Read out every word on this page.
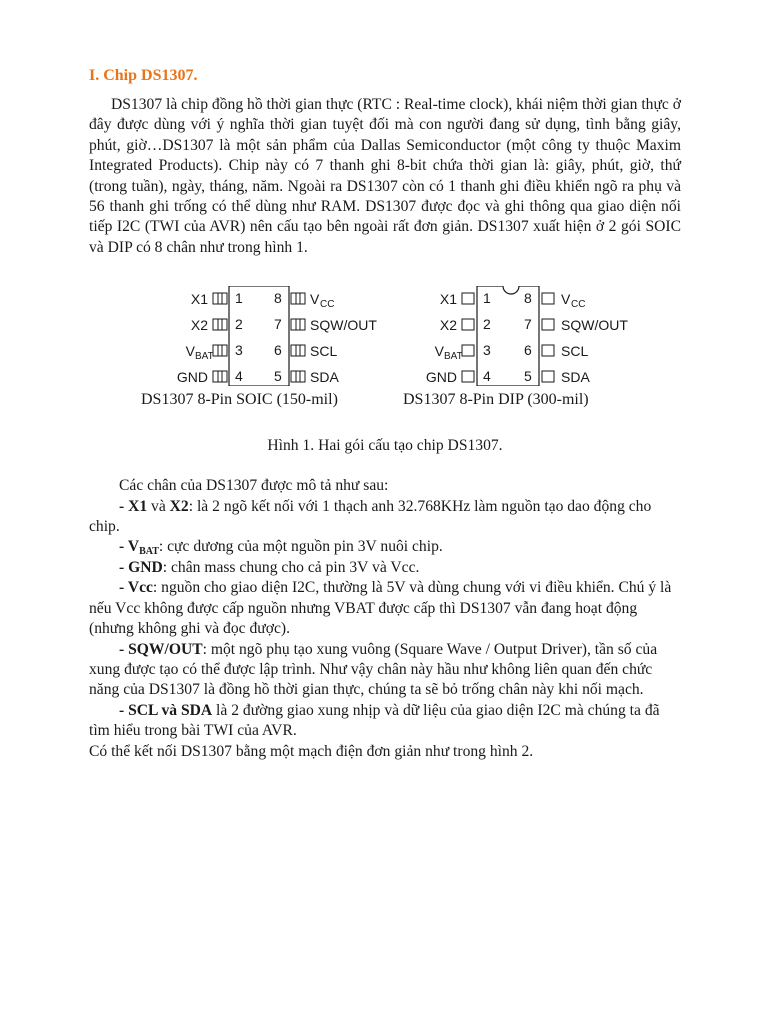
I. Chip DS1307.

DS1307 là chip đồng hồ thời gian thực (RTC : Real-time clock), khái niệm thời gian thực ở đây được dùng với ý nghĩa thời gian tuyệt đối mà con người đang sử dụng, tình bằng giây, phút, giờ…DS1307 là một sản phẩm của Dallas Semiconductor (một công ty thuộc Maxim Integrated Products). Chip này có 7 thanh ghi 8-bit chứa thời gian là: giây, phút, giờ, thứ (trong tuần), ngày, tháng, năm. Ngoài ra DS1307 còn có 1 thanh ghi điều khiển ngõ ra phụ và 56 thanh ghi trống có thể dùng như RAM. DS1307 được đọc và ghi thông qua giao diện nối tiếp I2C (TWI của AVR) nên cấu tạo bên ngoài rất đơn giản. DS1307 xuất hiện ở 2 gói SOIC và DIP có 8 chân như trong hình 1.

X1
X2
V BAT
GND
1
2
3
4
8
7
6
5
V CC
SQW/OUT
SCL
SDA
X1
X2
V BAT
GND
1
2
3
4
8
7
6
5
V CC
SQW/OUT
SCL
SDA
DS1307 8-Pin SOIC (150-mil)	DS1307 8-Pin DIP (300-mil)
Hình 1. Hai gói cấu tạo chip DS1307.

Các chân của DS1307 được mô tả như sau:

- X1 và X2: là 2 ngõ kết nối với 1 thạch anh 32.768KHz làm nguồn tạo dao động cho chip.

- $V_{BAT}$: cực dương của một nguồn pin 3V nuôi chip.

- GND: chân mass chung cho cả pin 3V và Vcc.

- Vcc: nguồn cho giao diện I2C, thường là 5V và dùng chung với vi điều khiển. Chú ý là nếu Vcc không được cấp nguồn nhưng VBAT được cấp thì DS1307 vẫn đang hoạt động (nhưng không ghi và đọc được).

- SQW/OUT: một ngõ phụ tạo xung vuông (Square Wave / Output Driver), tần số của xung được tạo có thể được lập trình. Như vậy chân này hầu như không liên quan đến chức năng của DS1307 là đồng hồ thời gian thực, chúng ta sẽ bỏ trống chân này khi nối mạch.

- SCL và SDA là 2 đường giao xung nhịp và dữ liệu của giao diện I2C mà chúng ta đã tìm hiểu trong bài TWI của AVR.

Có thể kết nối DS1307 bằng một mạch điện đơn giản như trong hình 2.
